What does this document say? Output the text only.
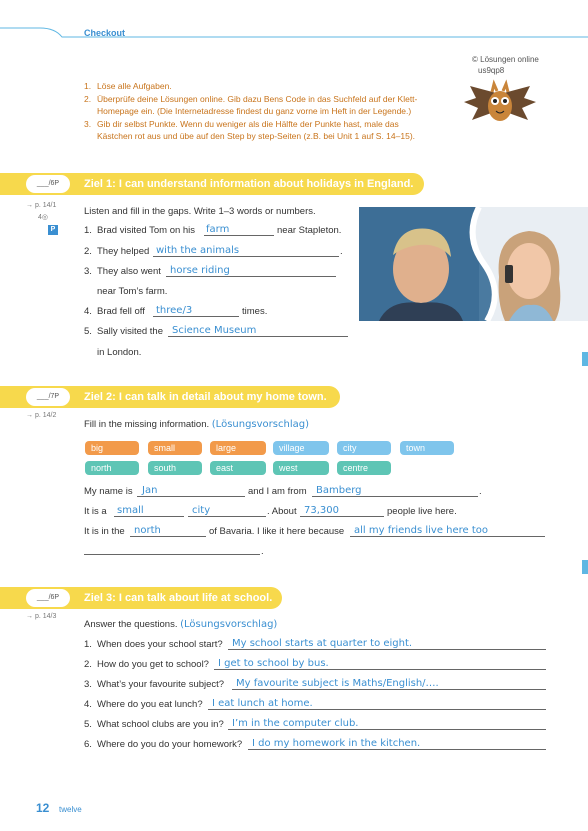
Checkout
© Lösungen online
us9qp8
1. Löse alle Aufgaben.
2. Überprüfe deine Lösungen online. Gib dazu Bens Code in das Suchfeld auf der Klett-
Homepage ein. (Die Internetadresse findest du ganz vorne im Heft in der Legende.)
3. Gib dir selbst Punkte. Wenn du weniger als die Hälfte der Punkte hast, male das
Kästchen rot aus und übe auf den Step by step-Seiten (z.B. bei Unit 1 auf S. 14–15).
___/6P	Ziel 1: I can understand information about holidays in England.
→ p. 14/1
4◎
P
Listen and fill in the gaps. Write 1–3 words or numbers.
1. Brad visited Tom on his farm	near Stapleton.
2. They helped with the animals	.
3. They also went horse riding
near Tom’s farm.
4. Brad fell off three/3	times.
5. Sally visited the Science Museum
in London.
___/7P	Ziel 2: I can talk in detail about my home town.
→ p. 14/2
Fill in the missing information. (Lösungsvorschlag)
big	small	large	village	city	town
north	south	east	west	centre
My name is Jan	and I am from Bamberg	.
It is a small	city	. About 73,300	people live here.
It is in the north	of Bavaria. I like it here because all my friends live here too
.
___/6P	Ziel 3: I can talk about life at school.
→ p. 14/3
Answer the questions. (Lösungsvorschlag)
1. When does your school start? My school starts at quarter to eight.
2. How do you get to school? I get to school by bus.
3. What’s your favourite subject? My favourite subject is Maths/English/….
4. Where do you eat lunch? I eat lunch at home.
5. What school clubs are you in? I’m in the computer club.
6. Where do you do your homework? I do my homework in the kitchen.
12 twelve
